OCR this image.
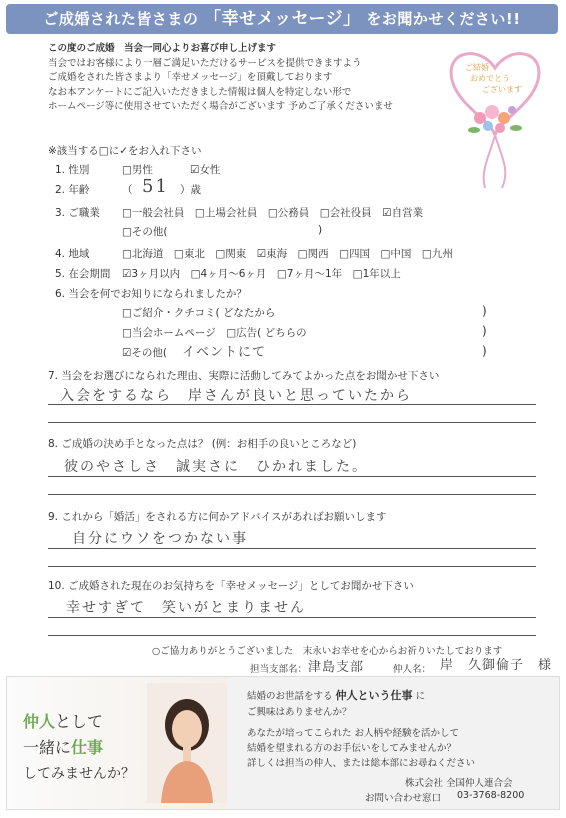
ご成婚された皆さまの 「幸せメッセージ」 をお聞かせください!!
この度のご成婚　当会一同心よりお喜び申し上げます
当会ではお客様により一層ご満足いただけるサービスを提供できますよう
ご成婚をされた皆さまより「幸せメッセージ」を頂戴しております
なお本アンケートにご記入いただきました情報は個人を特定しない形で
ホームページ等に使用させていただく場合がございます 予めご了承くださいませ
ご結婚
おめでとう
ございます
※該当する□に✓をお入れ下さい
1. 性別	□男性	☑女性
2. 年齢	（ 51 ）歳
3. ご職業 □一般会社員　□上場会社員　□公務員　□会社役員　☑自営業
□その他(	)
4. 地域	□北海道　□東北　□関東　☑東海　□関西　□四国　□中国　□九州
5. 在会期間 ☑3ヶ月以内　□4ヶ月〜6ヶ月　□7ヶ月〜1年　□1年以上
6. 当会を何でお知りになられましたか？
□ご紹介・クチコミ( どなたから	)
□当会ホームページ　□広告( どちらの	)
☑その他( イベントにて	)
7. 当会をお選びになられた理由、実際に活動してみてよかった点をお聞かせ下さい
入会をするなら　岸さんが良いと思っていたから
8. ご成婚の決め手となった点は？ (例：お相手の良いところなど)
彼のやさしさ　誠実さに　ひかれました。
9. これから「婚活」をされる方に何かアドバイスがあればお願いします
自分にウソをつかない事
10. ご成婚された現在のお気持ちを「幸せメッセージ」としてお聞かせ下さい
幸せすぎて　笑いがとまりません
○ご協力ありがとうございました　末永いお幸せを心からお祈りいたしております
担当支部名： 津島支部	仲人名： 岸　久御倫子　様
仲人として
一緒に仕事
してみませんか？
結婚のお世話をする 仲人という仕事 に
ご興味はありませんか？
あなたが培ってこられた お人柄や経験を活かして
結婚を望まれる方のお手伝いをしてみませんか？
詳しくは担当の仲人、または総本部にお尋ねください
株式会社 全国仲人連合会
お問い合わせ窓口 03-3768-8200
